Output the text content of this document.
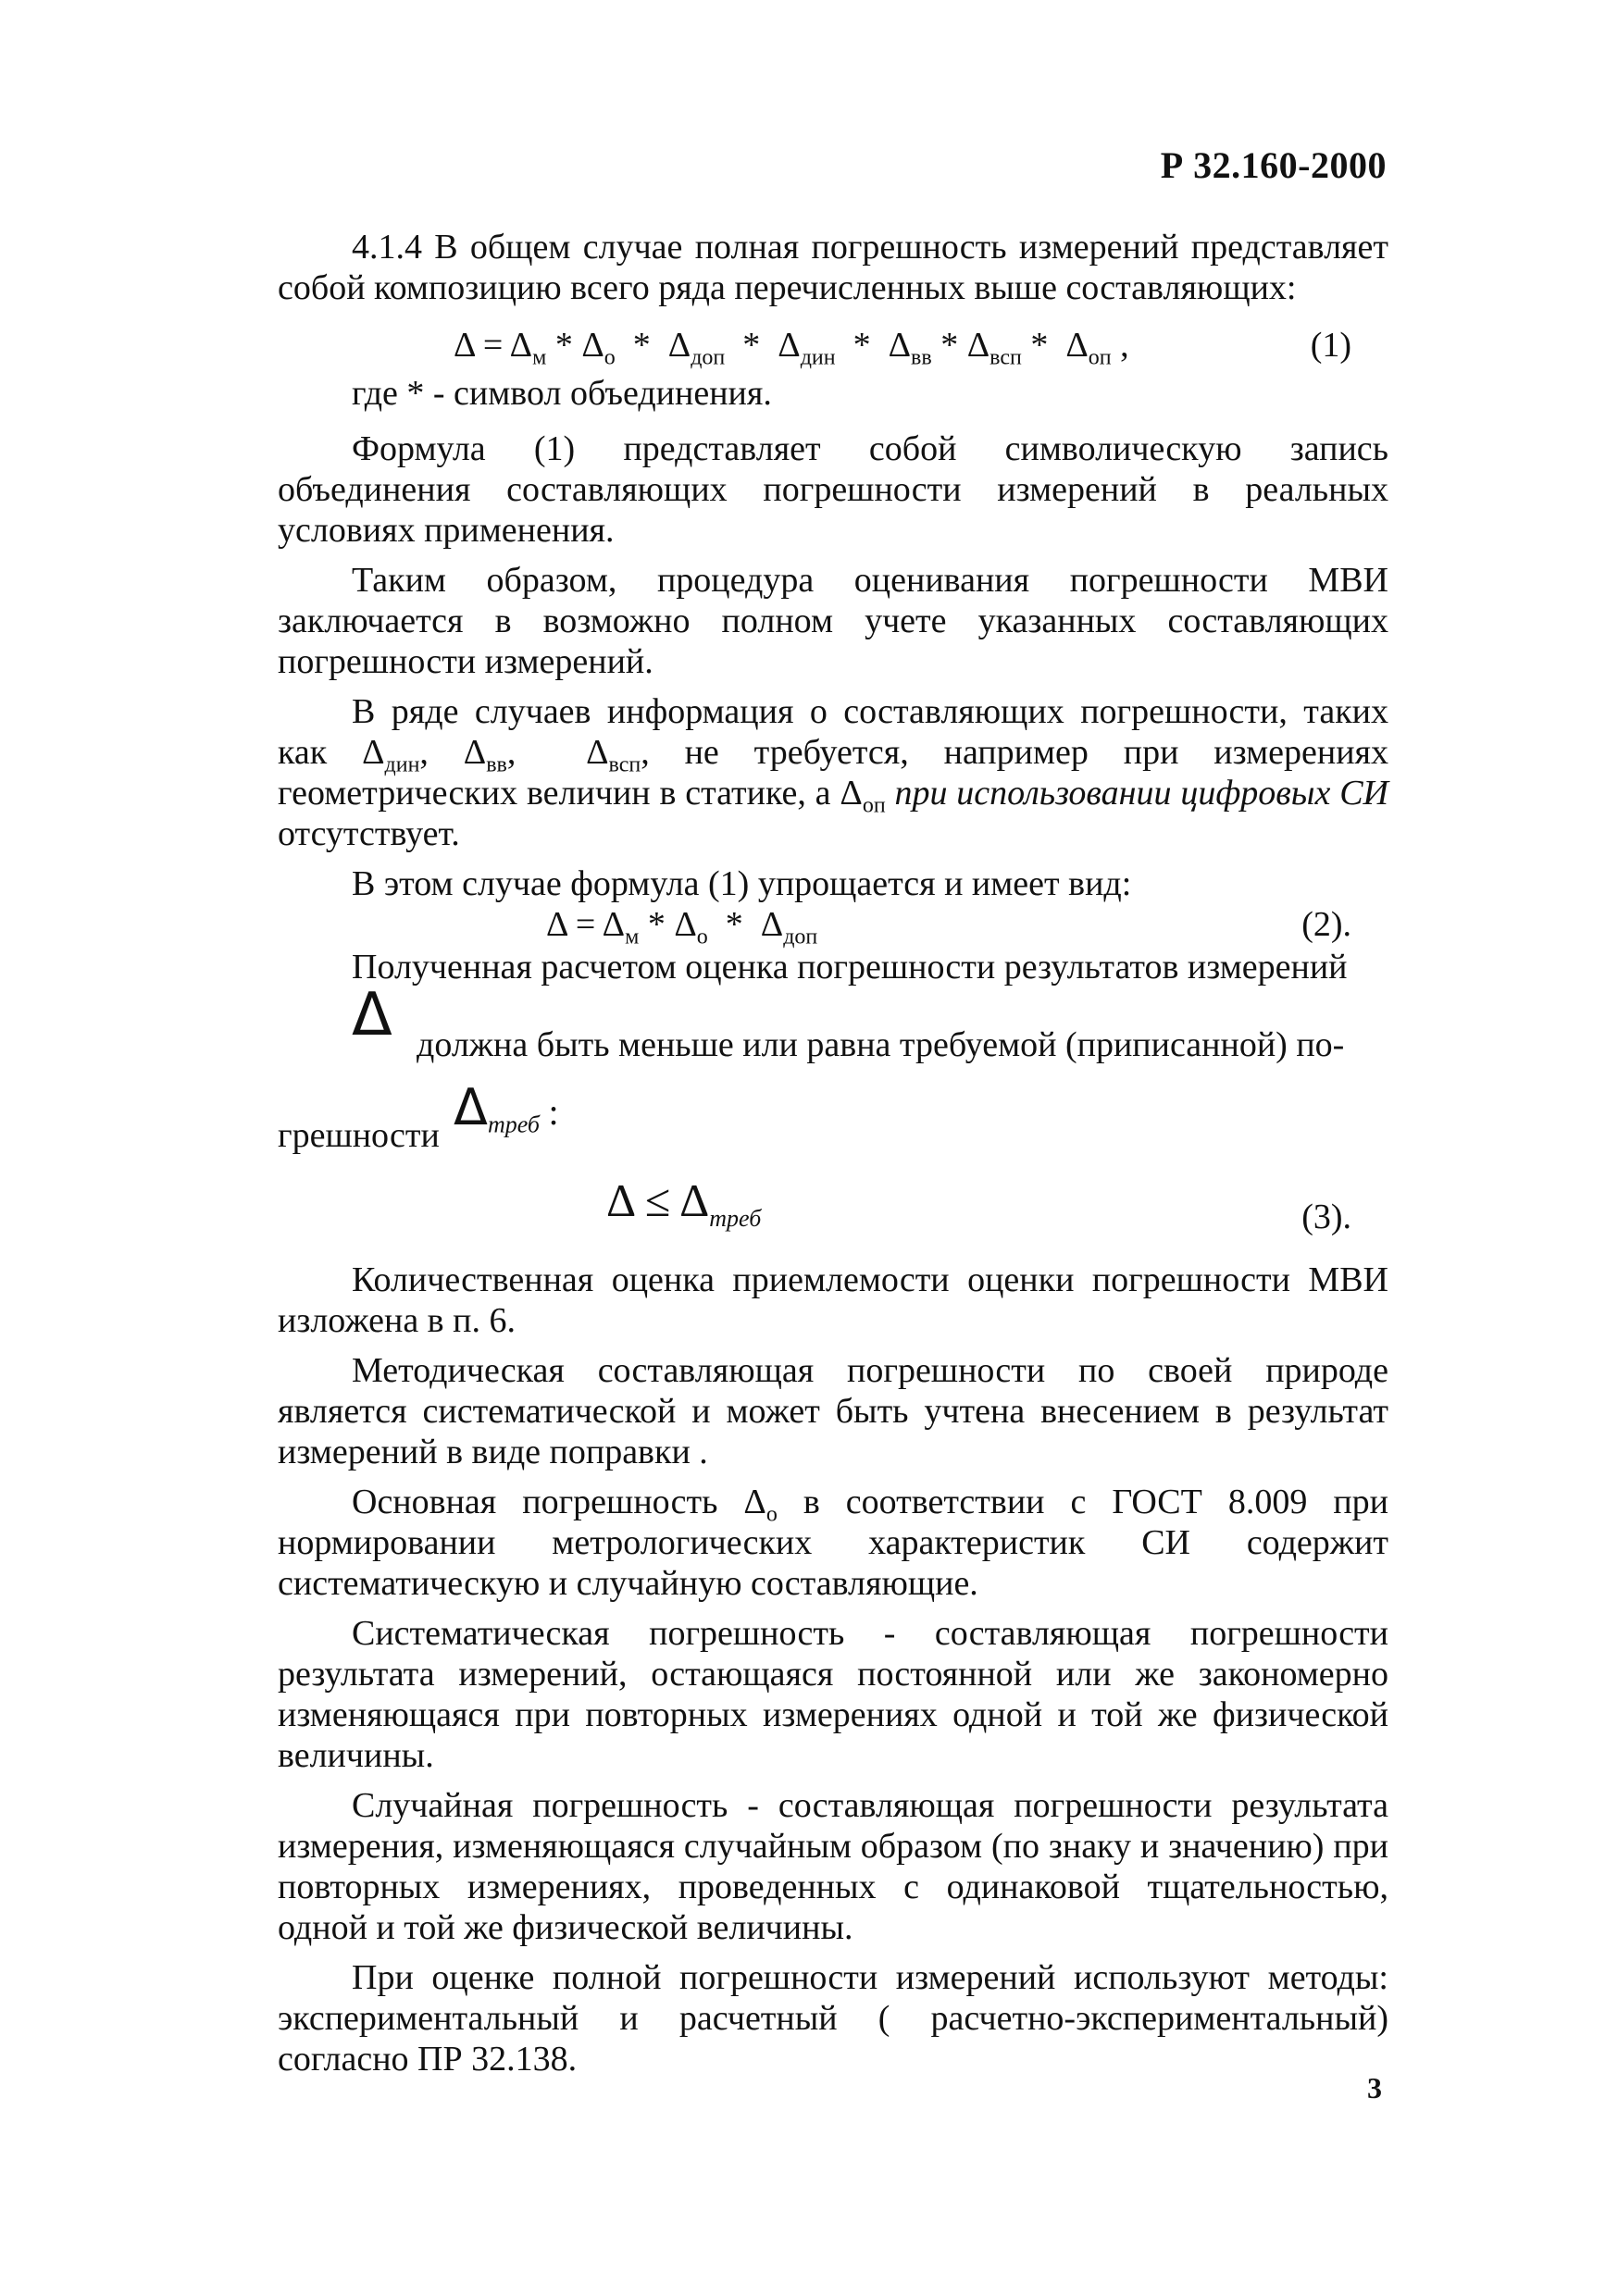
Р 32.160-2000

4.1.4 В общем случае полная погрешность измерений представляет собой композицию всего ряда перечисленных выше составляющих:

$\Delta = \Delta_м * \Delta_о * \Delta_{доп} * \Delta_{дин} * \Delta_{вв} * \Delta_{всп} * \Delta_{оп}$ ,	(1)

где * - символ объединения.

Формула (1) представляет собой символическую запись объединения составляющих погрешности измерений в реальных условиях применения.

Таким образом, процедура оценивания погрешности МВИ заключается в возможно полном учете указанных составляющих погрешности измерений.

В ряде случаев информация о составляющих погрешности, таких как $\Delta_{дин}$, $\Delta_{вв}$,  $\Delta_{всп}$, не требуется, например при измерениях геометрических величин в статике, а $\Delta_{оп}$ при использовании цифровых СИ отсутствует.

В этом случае формула (1) упрощается и имеет вид:

$\Delta = \Delta_м * \Delta_о * \Delta_{доп}$	(2).

Полученная расчетом оценка погрешности результатов измерений

Δ должна быть меньше или равна требуемой (приписанной) по-
грешности $\Delta_{треб}$ :
$\Delta \le \Delta_{треб}$	(3).

Количественная оценка приемлемости оценки погрешности МВИ изложена в п. 6.

Методическая составляющая погрешности по своей природе является систематической и может быть учтена внесением в результат измерений в виде поправки .

Основная погрешность $\Delta_о$ в соответствии с ГОСТ 8.009 при нормировании метрологических характеристик СИ содержит систематическую и случайную составляющие.

Систематическая погрешность - составляющая погрешности результата измерений, остающаяся постоянной или же закономерно изменяющаяся при повторных измерениях одной и той же физической величины.

Случайная погрешность - составляющая погрешности результата измерения, изменяющаяся случайным образом (по знаку и значению) при повторных измерениях, проведенных с одинаковой тщательностью, одной и той же физической величины.

При оценке полной погрешности измерений используют методы: экспериментальный и расчетный ( расчетно-экспериментальный) согласно ПР 32.138.

3
